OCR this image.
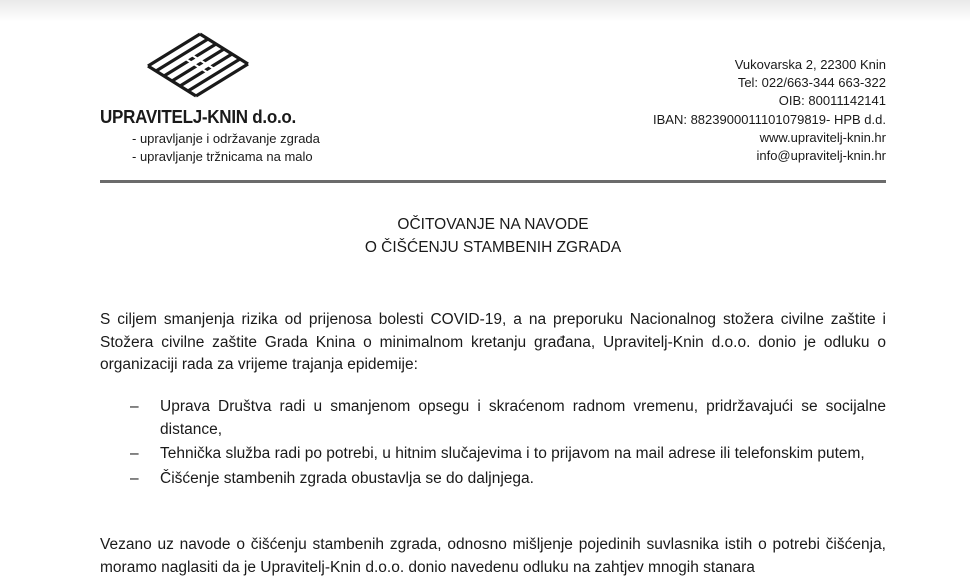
UPRAVITELJ-KNIN d.o.o.
- upravljanje i održavanje zgrada
- upravljanje tržnicama na malo
Vukovarska 2, 22300 Knin
Tel: 022/663-344 663-322
OIB: 80011142141
IBAN: 8823900011101079819- HPB d.d.
www.upravitelj-knin.hr
info@upravitelj-knin.hr
OČITOVANJE NA NAVODE
O ČIŠĆENJU STAMBENIH ZGRADA

S ciljem smanjenja rizika od prijenosa bolesti COVID-19, a na preporuku Nacionalnog stožera civilne zaštite i Stožera civilne zaštite Grada Knina o minimalnom kretanju građana, Upravitelj-Knin d.o.o. donio je odluku o organizaciji rada za vrijeme trajanja epidemije:

– Uprava Društva radi u smanjenom opsegu i skraćenom radnom vremenu, pridržavajući se socijalne distance,
– Tehnička služba radi po potrebi, u hitnim slučajevima i to prijavom na mail adrese ili telefonskim putem,
– Čišćenje stambenih zgrada obustavlja se do daljnjega.

Vezano uz navode o čišćenju stambenih zgrada, odnosno mišljenje pojedinih suvlasnika istih o potrebi čišćenja, moramo naglasiti da je Upravitelj-Knin d.o.o. donio navedenu odluku na zahtjev mnogih stanara
